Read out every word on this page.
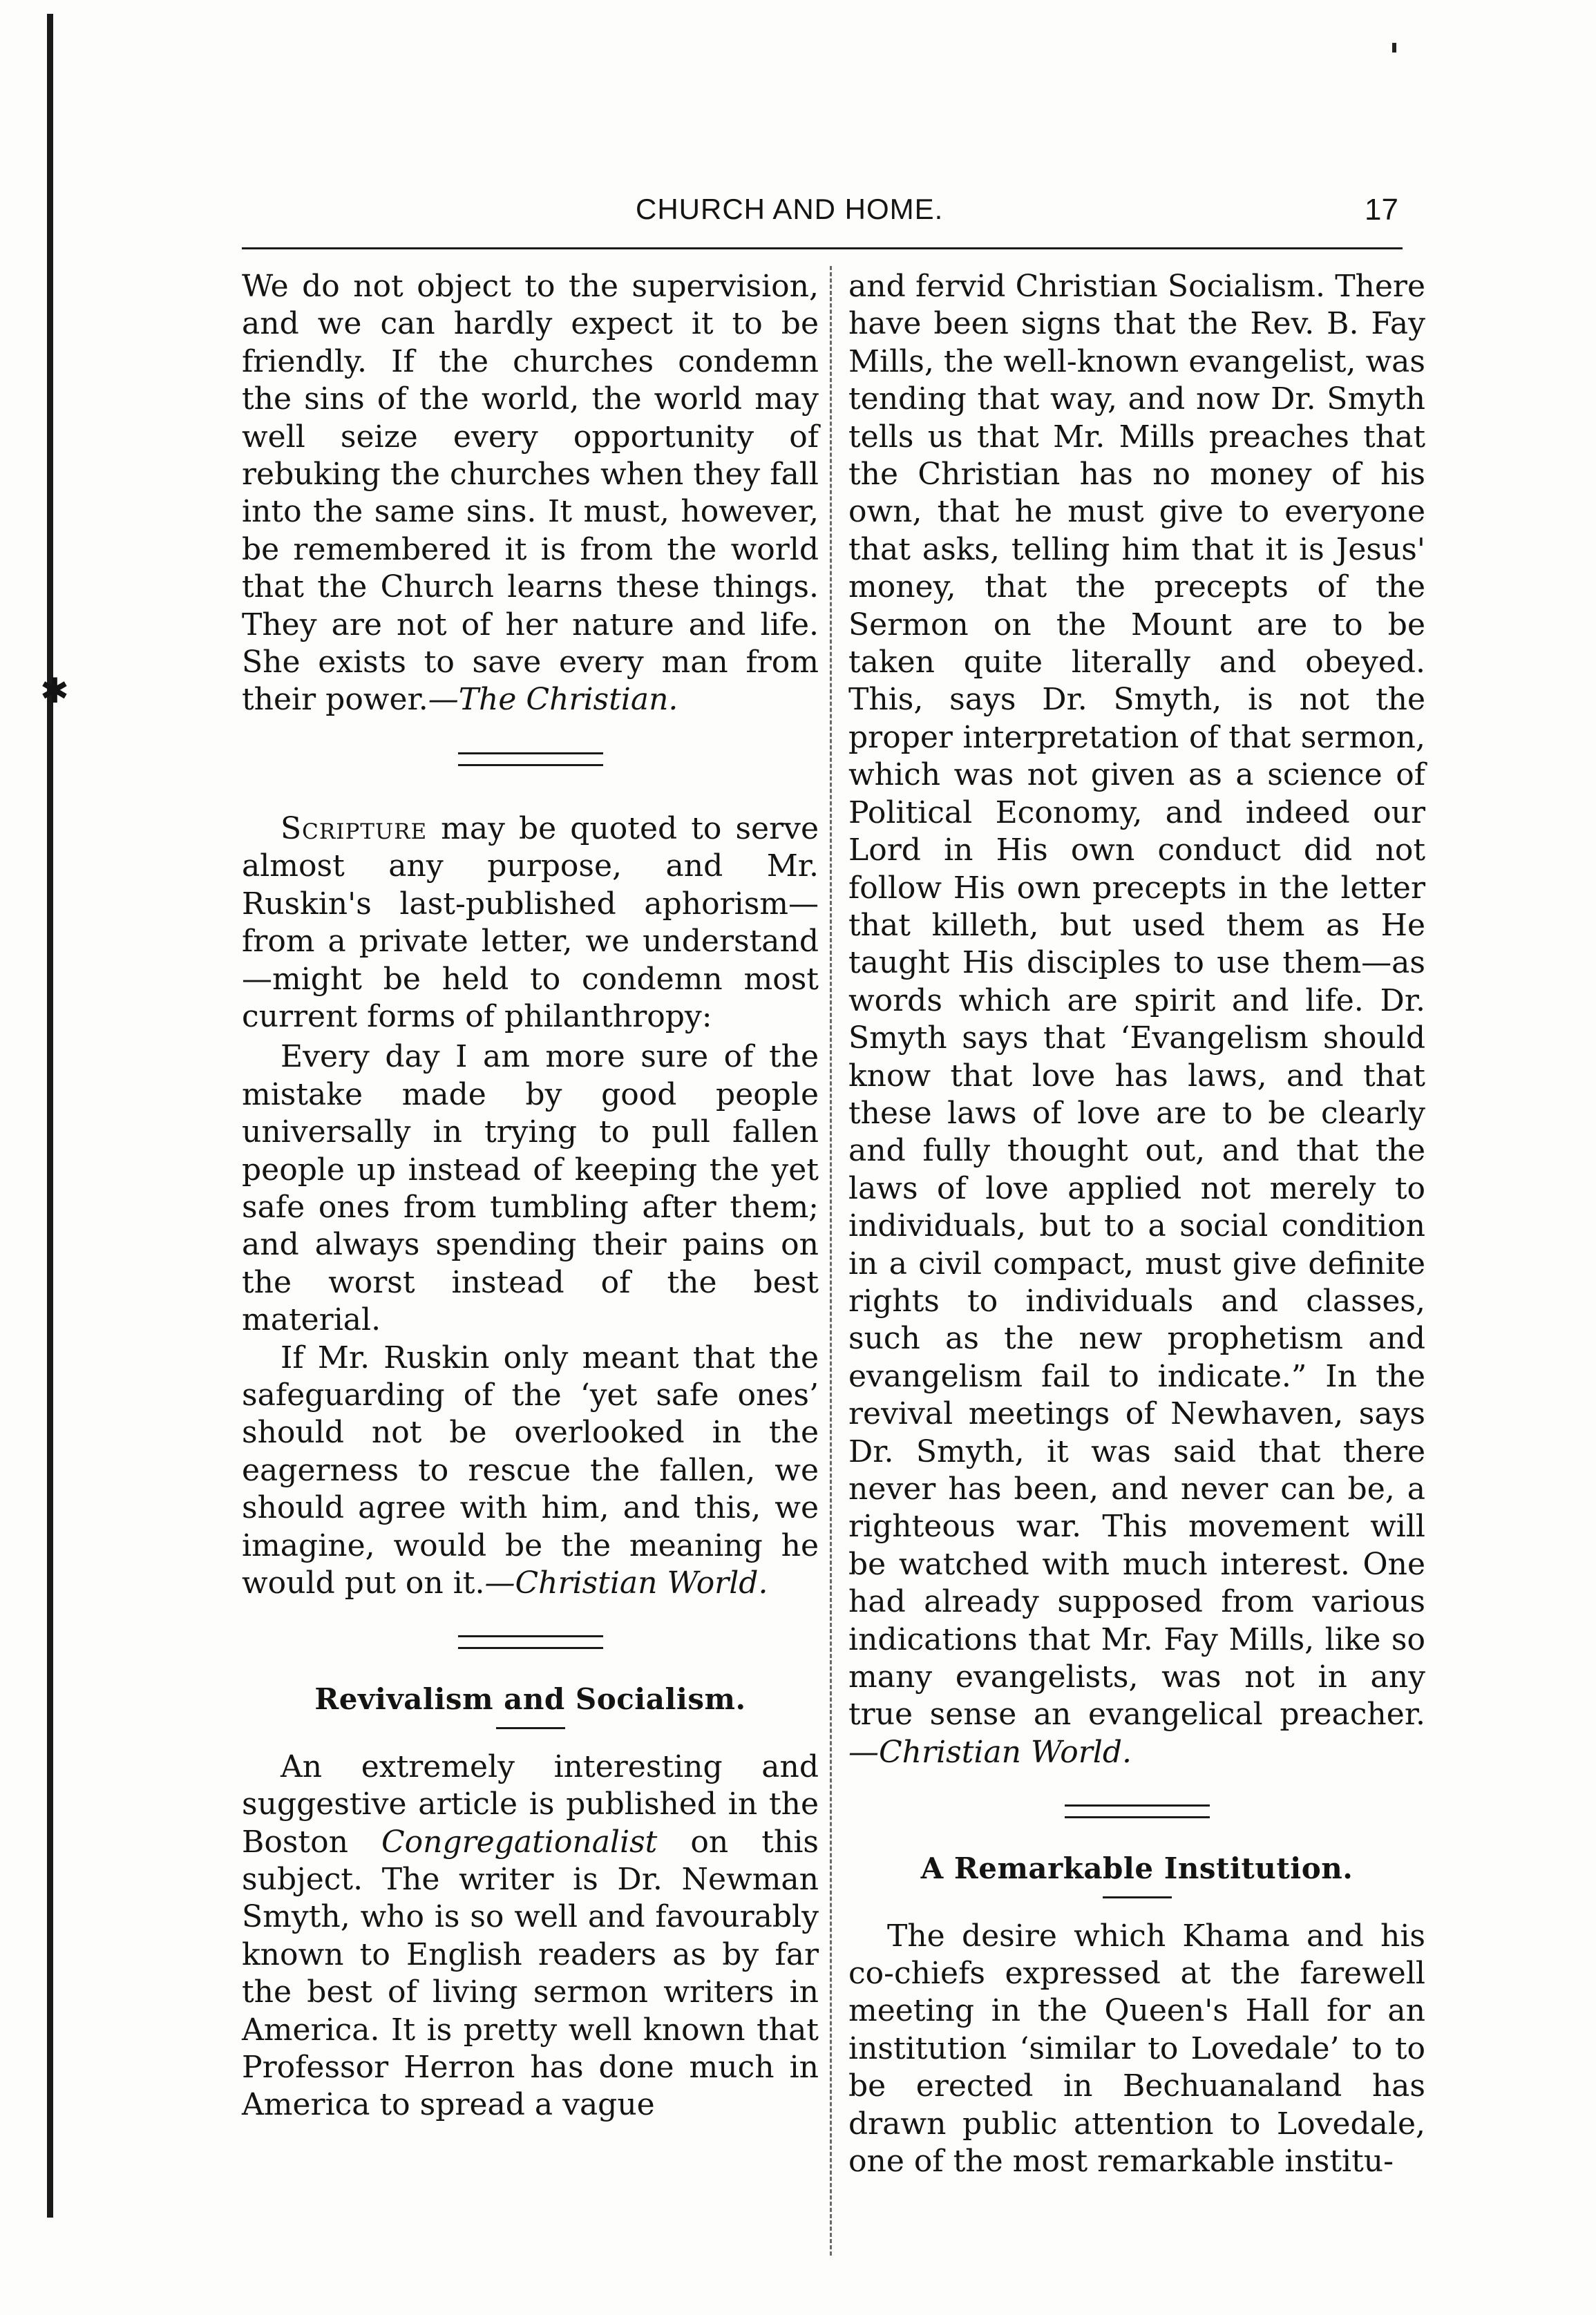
✱
CHURCH AND HOME.	17

We do not object to the supervision, and we can hardly expect it to be friendly. If the churches condemn the sins of the world, the world may well seize every opportunity of rebuking the churches when they fall into the same sins. It must, however, be remembered it is from the world that the Church learns these things. They are not of her nature and life. She exists to save every man from their power.—The Christian.

Scripture may be quoted to serve almost any purpose, and Mr. Ruskin's last-published aphorism—from a private letter, we understand—might be held to condemn most current forms of philanthropy:

Every day I am more sure of the mistake made by good people universally in trying to pull fallen people up instead of keeping the yet safe ones from tumbling after them; and always spending their pains on the worst instead of the best material.

If Mr. Ruskin only meant that the safeguarding of the ‘yet safe ones’ should not be overlooked in the eagerness to rescue the fallen, we should agree with him, and this, we imagine, would be the meaning he would put on it.—Christian World.

Revivalism and Socialism.

An extremely interesting and suggestive article is published in the Boston Congregationalist on this subject. The writer is Dr. Newman Smyth, who is so well and favourably known to English readers as by far the best of living sermon writers in America. It is pretty well known that Professor Herron has done much in America to spread a vague

and fervid Christian Socialism. There have been signs that the Rev. B. Fay Mills, the well-known evangelist, was tending that way, and now Dr. Smyth tells us that Mr. Mills preaches that the Christian has no money of his own, that he must give to everyone that asks, telling him that it is Jesus' money, that the precepts of the Sermon on the Mount are to be taken quite literally and obeyed. This, says Dr. Smyth, is not the proper interpretation of that sermon, which was not given as a science of Political Economy, and indeed our Lord in His own conduct did not follow His own precepts in the letter that killeth, but used them as He taught His disciples to use them—as words which are spirit and life. Dr. Smyth says that ‘Evangelism should know that love has laws, and that these laws of love are to be clearly and fully thought out, and that the laws of love applied not merely to individuals, but to a social condition in a civil compact, must give definite rights to individuals and classes, such as the new prophetism and evangelism fail to indicate.” In the revival meetings of Newhaven, says Dr. Smyth, it was said that there never has been, and never can be, a righteous war. This movement will be watched with much interest. One had already supposed from various indications that Mr. Fay Mills, like so many evangelists, was not in any true sense an evangelical preacher. —Christian World.

A Remarkable Institution.

The desire which Khama and his co-chiefs expressed at the farewell meeting in the Queen's Hall for an institution ‘similar to Lovedale’ to to be erected in Bechuanaland has drawn public attention to Lovedale, one of the most remarkable institu-
